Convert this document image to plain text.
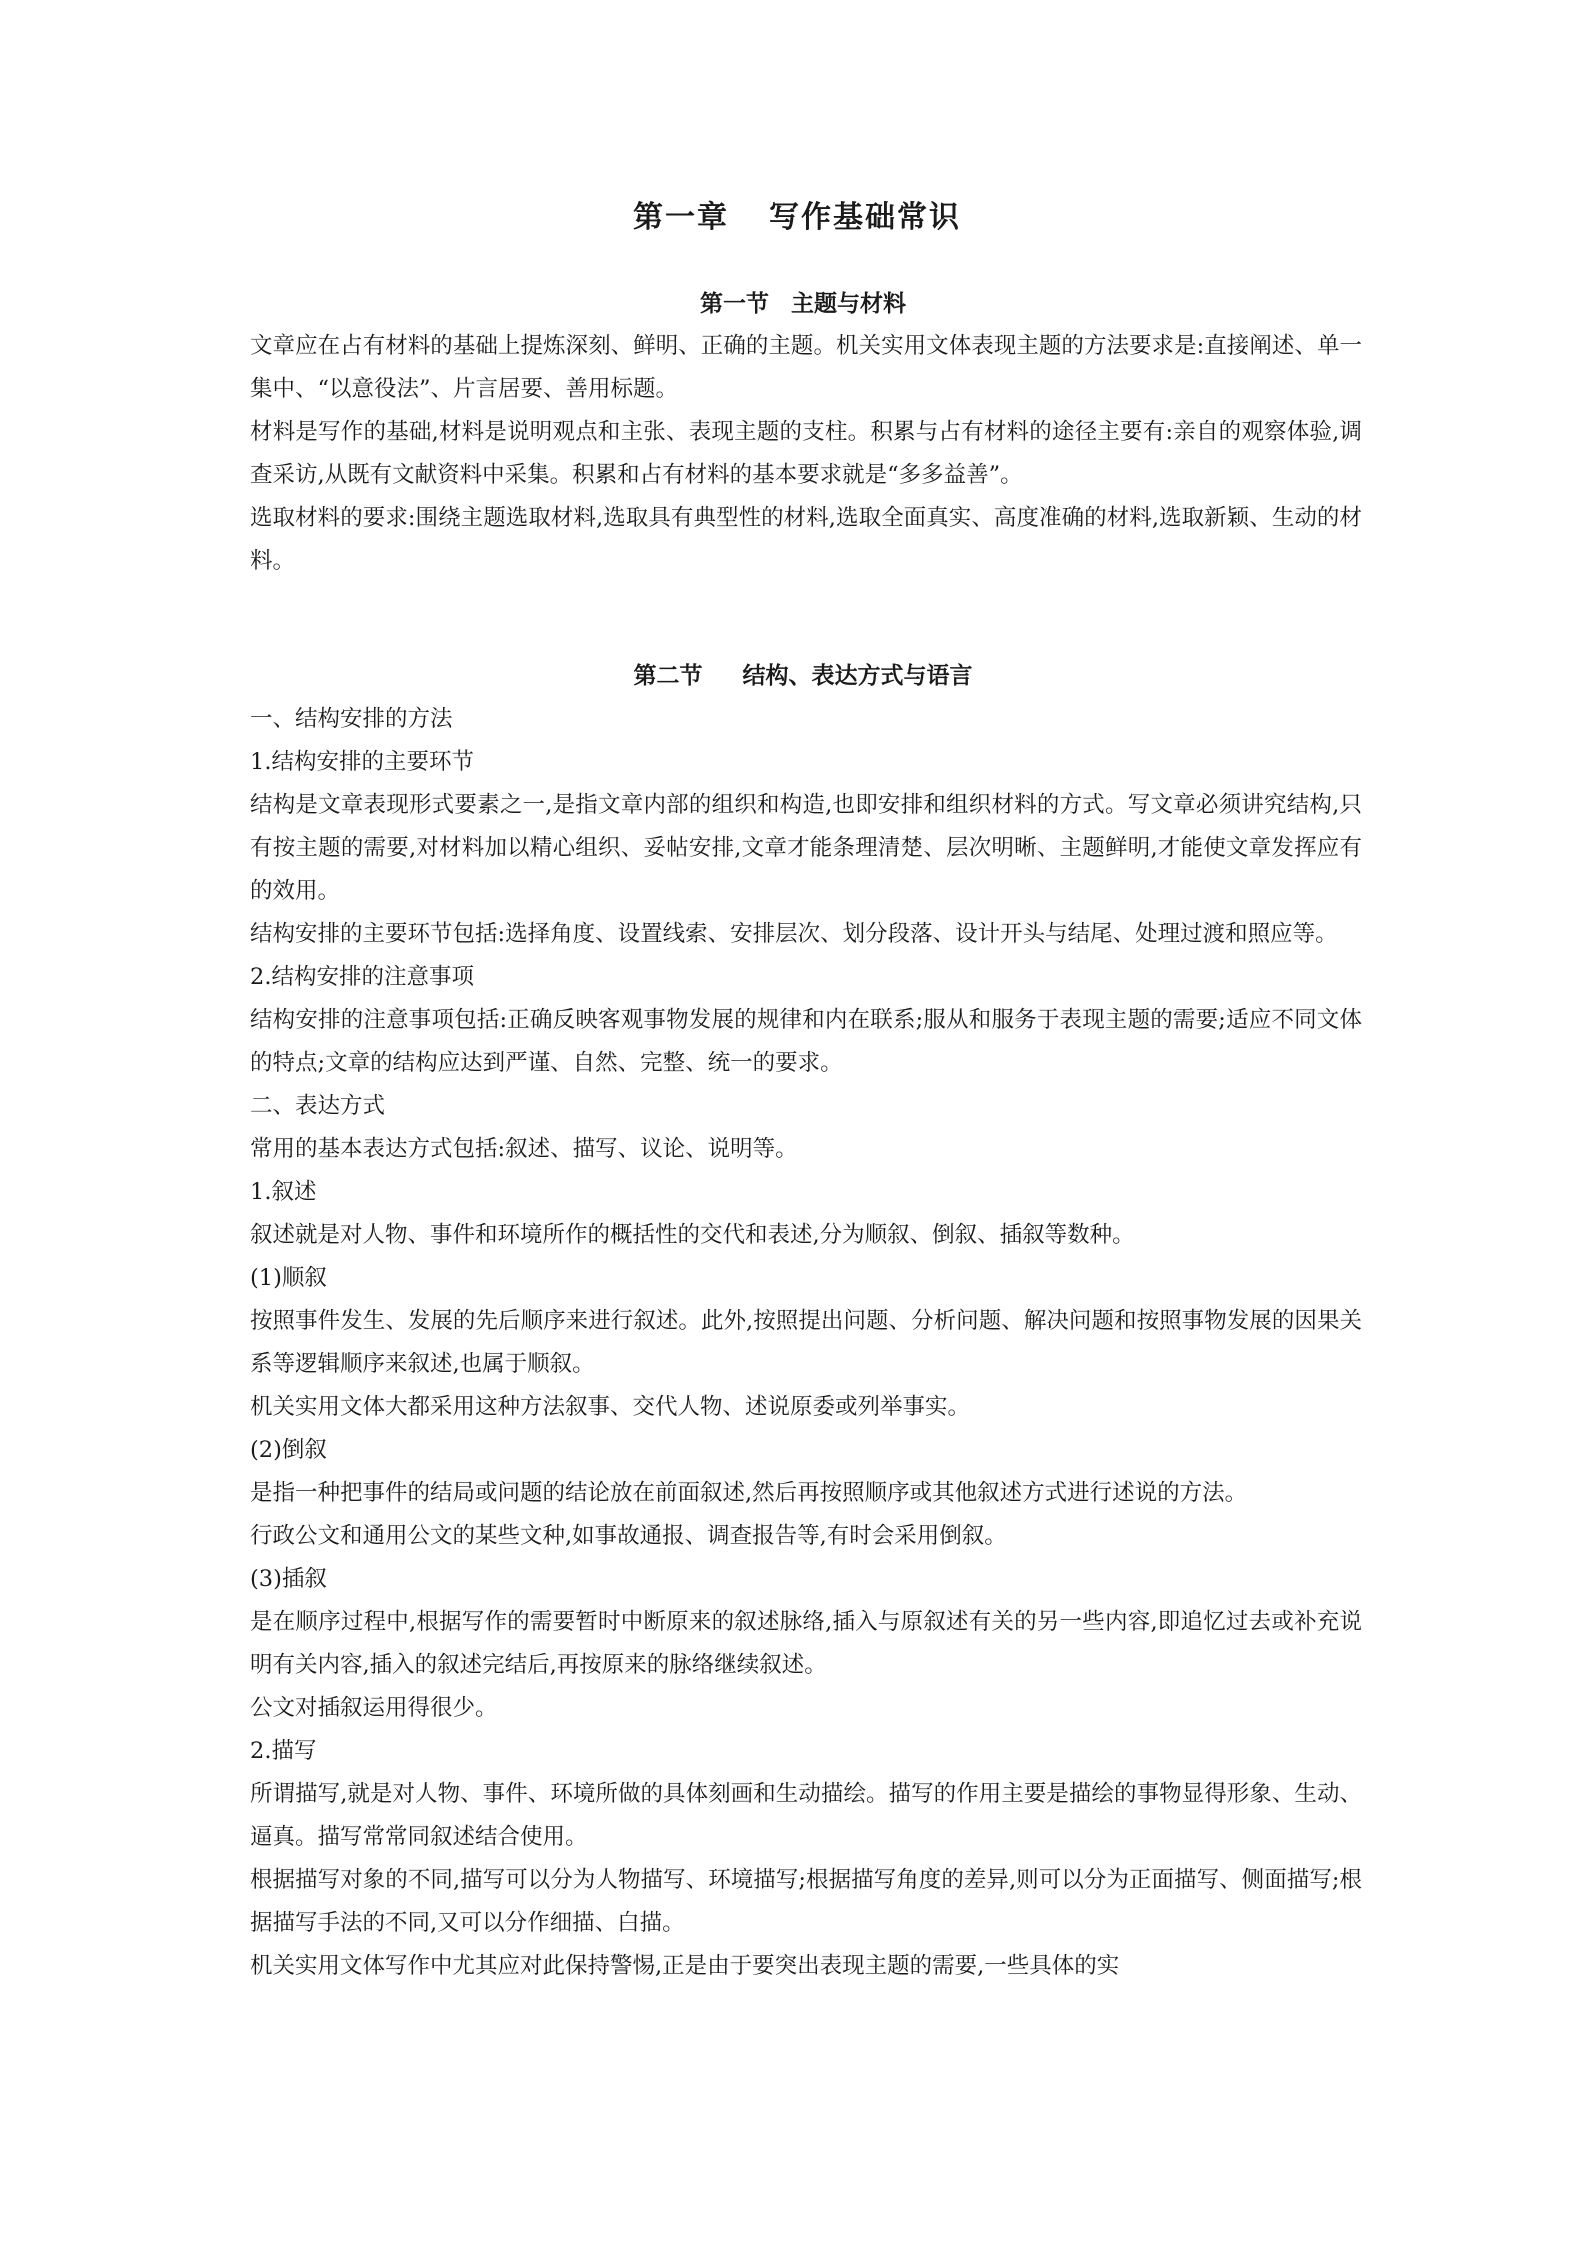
第一章 写作基础常识
第一节 主题与材料

文章应在占有材料的基础上提炼深刻、鲜明、正确的主题。机关实用文体表现主题的方法要求是:直接阐述、单一集中、“以意役法”、片言居要、善用标题。

材料是写作的基础,材料是说明观点和主张、表现主题的支柱。积累与占有材料的途径主要有:亲自的观察体验,调查采访,从既有文献资料中采集。积累和占有材料的基本要求就是“多多益善”。

选取材料的要求:围绕主题选取材料,选取具有典型性的材料,选取全面真实、高度准确的材料,选取新颖、生动的材料。

第二节 结构、表达方式与语言

一、结构安排的方法

1.结构安排的主要环节

结构是文章表现形式要素之一,是指文章内部的组织和构造,也即安排和组织材料的方式。写文章必须讲究结构,只有按主题的需要,对材料加以精心组织、妥帖安排,文章才能条理清楚、层次明晰、主题鲜明,才能使文章发挥应有的效用。

结构安排的主要环节包括:选择角度、设置线索、安排层次、划分段落、设计开头与结尾、处理过渡和照应等。

2.结构安排的注意事项

结构安排的注意事项包括:正确反映客观事物发展的规律和内在联系;服从和服务于表现主题的需要;适应不同文体的特点;文章的结构应达到严谨、自然、完整、统一的要求。

二、表达方式

常用的基本表达方式包括:叙述、描写、议论、说明等。

1.叙述

叙述就是对人物、事件和环境所作的概括性的交代和表述,分为顺叙、倒叙、插叙等数种。

(1)顺叙

按照事件发生、发展的先后顺序来进行叙述。此外,按照提出问题、分析问题、解决问题和按照事物发展的因果关系等逻辑顺序来叙述,也属于顺叙。

机关实用文体大都采用这种方法叙事、交代人物、述说原委或列举事实。

(2)倒叙

是指一种把事件的结局或问题的结论放在前面叙述,然后再按照顺序或其他叙述方式进行述说的方法。

行政公文和通用公文的某些文种,如事故通报、调查报告等,有时会采用倒叙。

(3)插叙

是在顺序过程中,根据写作的需要暂时中断原来的叙述脉络,插入与原叙述有关的另一些内容,即追忆过去或补充说明有关内容,插入的叙述完结后,再按原来的脉络继续叙述。

公文对插叙运用得很少。

2.描写

所谓描写,就是对人物、事件、环境所做的具体刻画和生动描绘。描写的作用主要是描绘的事物显得形象、生动、逼真。描写常常同叙述结合使用。

根据描写对象的不同,描写可以分为人物描写、环境描写;根据描写角度的差异,则可以分为正面描写、侧面描写;根据描写手法的不同,又可以分作细描、白描。

机关实用文体写作中尤其应对此保持警惕,正是由于要突出表现主题的需要,一些具体的实
